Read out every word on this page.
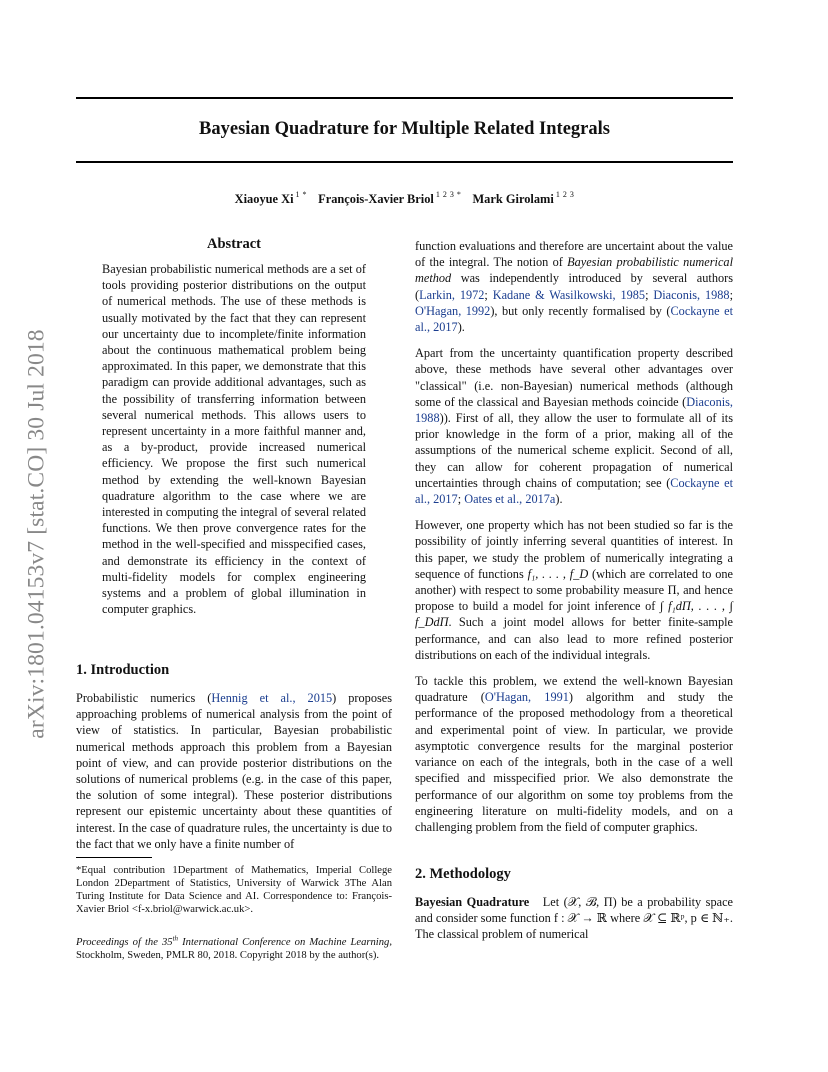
Bayesian Quadrature for Multiple Related Integrals
Xiaoyue Xi $^{1 *}$ François-Xavier Briol $^{1 2 3 *}$ Mark Girolami $^{1 2 3}$
arXiv:1801.04153v7 [stat.CO] 30 Jul 2018
Abstract
Bayesian probabilistic numerical methods are a set of tools providing posterior distributions on the output of numerical methods. The use of these methods is usually motivated by the fact that they can represent our uncertainty due to incomplete/finite information about the continuous mathematical problem being approximated. In this paper, we demonstrate that this paradigm can provide additional advantages, such as the possibility of transferring information between several numerical methods. This allows users to represent uncertainty in a more faithful manner and, as a by-product, provide increased numerical efficiency. We propose the first such numerical method by extending the well-known Bayesian quadrature algorithm to the case where we are interested in computing the integral of several related functions. We then prove convergence rates for the method in the well-specified and misspecified cases, and demonstrate its efficiency in the context of multi-fidelity models for complex engineering systems and a problem of global illumination in computer graphics.
1. Introduction

Probabilistic numerics (Hennig et al., 2015) proposes approaching problems of numerical analysis from the point of view of statistics. In particular, Bayesian probabilistic numerical methods approach this problem from a Bayesian point of view, and can provide posterior distributions on the solutions of numerical problems (e.g. in the case of this paper, the solution of some integral). These posterior distributions represent our epistemic uncertainty about these quantities of interest. In the case of quadrature rules, the uncertainty is due to the fact that we only have a finite number of

*Equal contribution 1Department of Mathematics, Imperial College London 2Department of Statistics, University of Warwick 3The Alan Turing Institute for Data Science and AI. Correspondence to: François-Xavier Briol <f-x.briol@warwick.ac.uk>.
Proceedings of the 35th International Conference on Machine Learning, Stockholm, Sweden, PMLR 80, 2018. Copyright 2018 by the author(s).

function evaluations and therefore are uncertaint about the value of the integral. The notion of Bayesian probabilistic numerical method was independently introduced by several authors (Larkin, 1972; Kadane & Wasilkowski, 1985; Diaconis, 1988; O'Hagan, 1992), but only recently formalised by (Cockayne et al., 2017).

Apart from the uncertainty quantification property described above, these methods have several other advantages over "classical" (i.e. non-Bayesian) numerical methods (although some of the classical and Bayesian methods coincide (Diaconis, 1988)). First of all, they allow the user to formulate all of its prior knowledge in the form of a prior, making all of the assumptions of the numerical scheme explicit. Second of all, they can allow for coherent propagation of numerical uncertainties through chains of computation; see (Cockayne et al., 2017; Oates et al., 2017a).

However, one property which has not been studied so far is the possibility of jointly inferring several quantities of interest. In this paper, we study the problem of numerically integrating a sequence of functions f₁, . . . , f_D (which are correlated to one another) with respect to some probability measure Π, and hence propose to build a model for joint inference of ∫ f₁dΠ, . . . , ∫ f_DdΠ. Such a joint model allows for better finite-sample performance, and can also lead to more refined posterior distributions on each of the individual integrals.

To tackle this problem, we extend the well-known Bayesian quadrature (O'Hagan, 1991) algorithm and study the performance of the proposed methodology from a theoretical and experimental point of view. In particular, we provide asymptotic convergence results for the marginal posterior variance on each of the integrals, both in the case of a well specified and misspecified prior. We also demonstrate the performance of our algorithm on some toy problems from the engineering literature on multi-fidelity models, and on a challenging problem from the field of computer graphics.

2. Methodology

Bayesian Quadrature Let (𝒳, ℬ, Π) be a probability space and consider some function f : 𝒳 → ℝ where 𝒳 ⊆ ℝᵖ, p ∈ ℕ₊. The classical problem of numerical
